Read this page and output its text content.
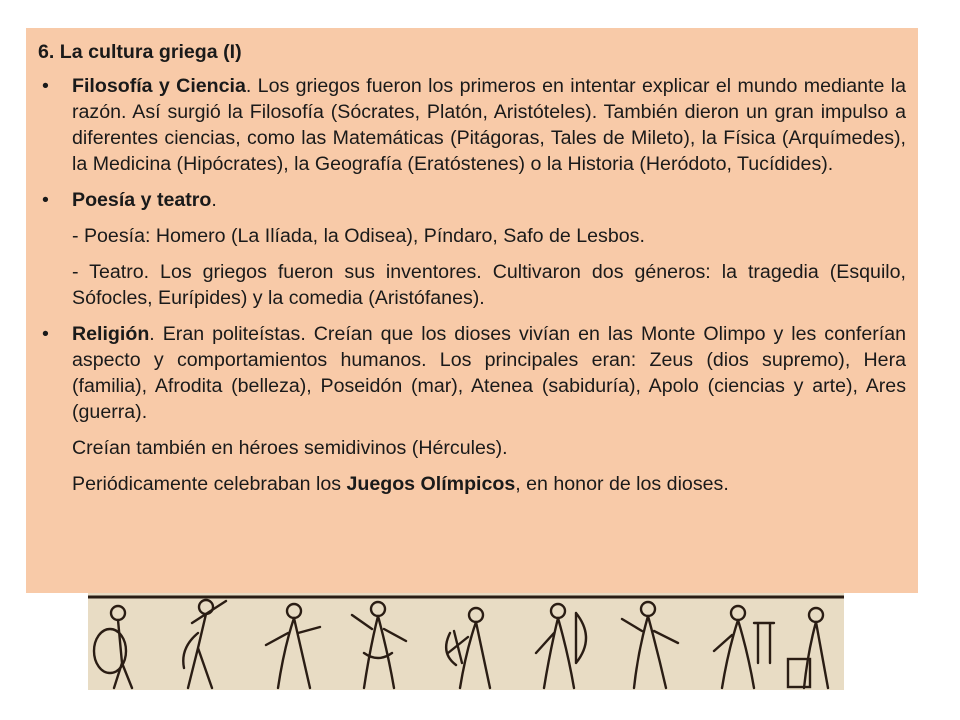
6. La cultura griega (I)
• Filosofía y Ciencia. Los griegos fueron los primeros en intentar explicar el mundo mediante la razón. Así surgió la Filosofía (Sócrates, Platón, Aristóteles). También dieron un gran impulso a diferentes ciencias, como las Matemáticas (Pitágoras, Tales de Mileto), la Física (Arquímedes), la Medicina (Hipócrates), la Geografía (Eratóstenes) o la Historia (Heródoto, Tucídides).
• Poesía y teatro.
- Poesía: Homero (La Ilíada, la Odisea), Píndaro, Safo de Lesbos.
- Teatro. Los griegos fueron sus inventores. Cultivaron dos géneros: la tragedia (Esquilo, Sófocles, Eurípides) y la comedia (Aristófanes).
• Religión. Eran politeístas. Creían que los dioses vivían en las Monte Olimpo y les conferían aspecto y comportamientos humanos. Los principales eran: Zeus (dios supremo), Hera (familia), Afrodita (belleza), Poseidón (mar), Atenea (sabiduría), Apolo (ciencias y arte), Ares (guerra).
Creían también en héroes semidivinos (Hércules).
Periódicamente celebraban los Juegos Olímpicos, en honor de los dioses.
